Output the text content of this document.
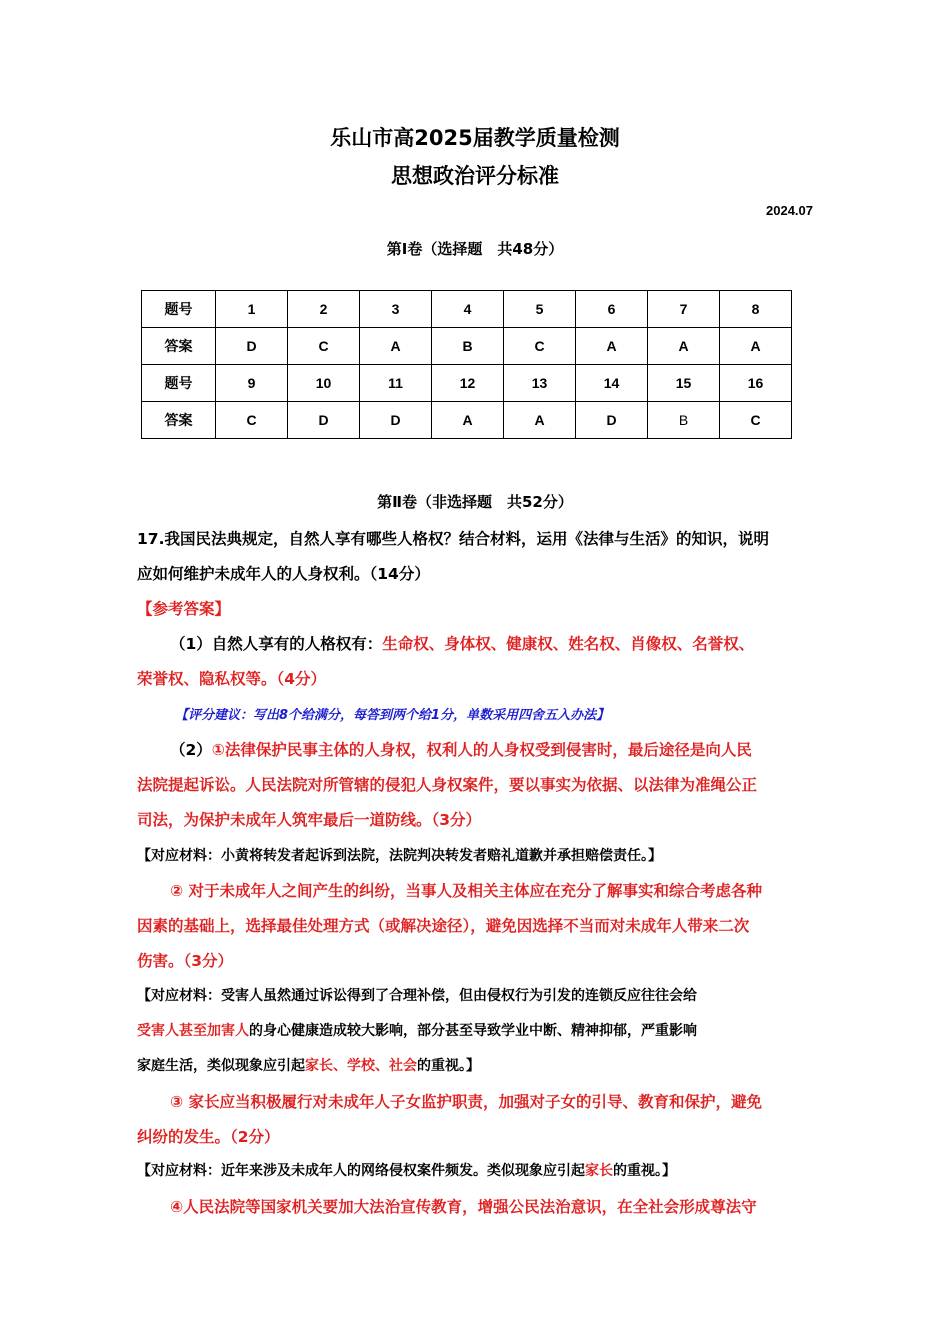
乐山市高2025届教学质量检测
思想政治评分标准
2024.07
第Ⅰ卷（选择题　共48分）
题号	1	2	3	4	5	6	7	8
答案	D	C	A	B	C	A	A	A
题号	9	10	11	12	13	14	15	16
答案	C	D	D	A	A	D	B	C
第Ⅱ卷（非选择题　共52分）
17.我国民法典规定，自然人享有哪些人格权？结合材料，运用《法律与生活》的知识，说明
应如何维护未成年人的人身权利。（14分）
【参考答案】
（1）自然人享有的人格权有：生命权、身体权、健康权、姓名权、肖像权、名誉权、
荣誉权、隐私权等。（4分）
【评分建议：写出8个给满分，每答到两个给1分，单数采用四舍五入办法】
（2）①法律保护民事主体的人身权，权利人的人身权受到侵害时，最后途径是向人民
法院提起诉讼。人民法院对所管辖的侵犯人身权案件，要以事实为依据、以法律为准绳公正
司法，为保护未成年人筑牢最后一道防线。（3分）
【对应材料：小黄将转发者起诉到法院，法院判决转发者赔礼道歉并承担赔偿责任。】
② 对于未成年人之间产生的纠纷，当事人及相关主体应在充分了解事实和综合考虑各种
因素的基础上，选择最佳处理方式（或解决途径），避免因选择不当而对未成年人带来二次
伤害。（3分）
【对应材料：受害人虽然通过诉讼得到了合理补偿，但由侵权行为引发的连锁反应往往会给
受害人甚至加害人的身心健康造成较大影响，部分甚至导致学业中断、精神抑郁，严重影响
家庭生活，类似现象应引起家长、学校、社会的重视。】
③ 家长应当积极履行对未成年人子女监护职责，加强对子女的引导、教育和保护，避免
纠纷的发生。（2分）
【对应材料：近年来涉及未成年人的网络侵权案件频发。类似现象应引起家长的重视。】
④人民法院等国家机关要加大法治宣传教育，增强公民法治意识，在全社会形成尊法守
